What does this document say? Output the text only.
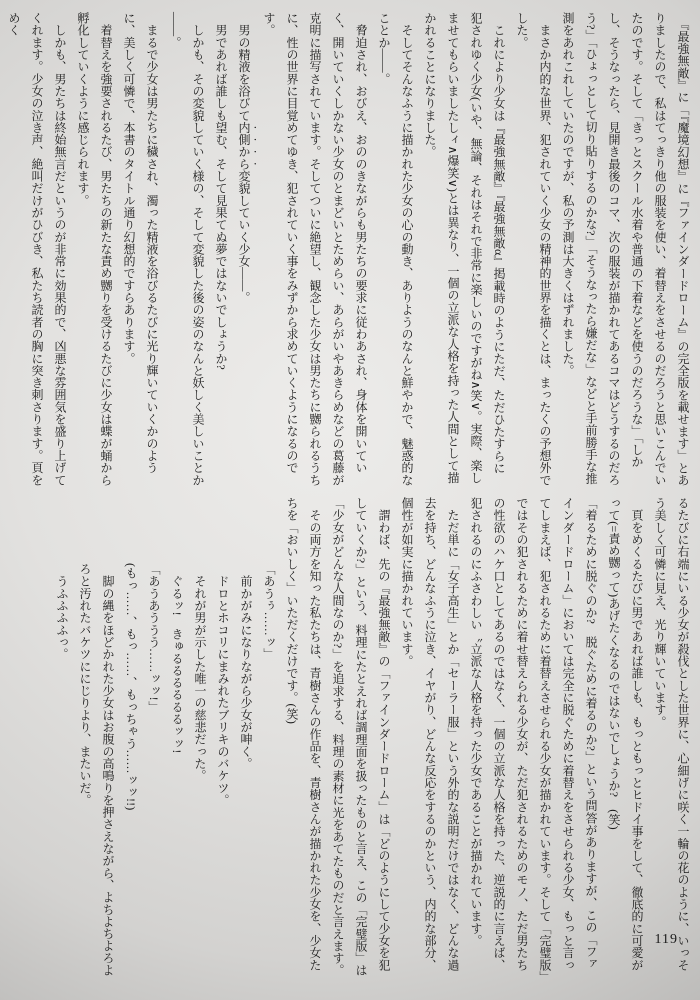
　『最強無敵』に「『魔境幻想』に『ファインダードローム』の完全版を載せます」とありましたので、私はてっきり他の服装を使い、着替えをさせるのだろうと思いこんでいたのです。そして「きっとスクール水着や普通の下着などを使うのだろうな」「しかし、そうなったら、見開き最後のコマ、次の服装が描かれてあるコマはどうするのだろう?」「ひょっとして切り貼りするのかな?」「そうなったら嫌だな」などと手前勝手な推測をあれこれしていたのですが、私の予測は大きくはずれました。

　まさか内的な世界、犯されていく少女の精神的世界を描くとは、まったくの予想外でした。

　これにより少女は『最強無敵』『最強無敵α』掲載時のようにただ、ただひたすらに犯されゆく少女(いや、無論、それはそれで非常に楽しいのですがね∧笑∨。実際、楽しませてもらいましたしィ∧爆笑∨)とは異なり、一個の立派な人格を持った人間として描かれることになりました。

　そしてそんなふうに描かれた少女の心の動き、ありようのなんと鮮やかで、魅惑的なことか——。

　脅迫され、おびえ、おののきながらも男たちの要求に従わあされ、身体を開いていく、開いていくしかない少女のとまどいとためらい、あらがいやあきらめなどの葛藤が克明に描写されています。そしてついに絶望し、観念した少女は男たちに嬲られるうちに、性の世界に目覚めてゆき、犯されていく事をみずから求めていくようになるのです。

　男の精液を浴びて内側から変貌していく少女——。

　男であれば誰しも望む、そして見果てぬ夢ではないでしょうか?

　しかも、その変貌していく様の、そして変貌した後の姿のなんと妖しく美しいことか——。

　まるで少女は男たちに穢され、濁った精液を浴びるたびに光り輝いていくかのように、美しく可憐で、本書のタイトル通り幻想的ですらあります。

　着替えを強要されるたび、男たちの新たな責め嬲りを受けるたびに少女は蝶が蛹から孵化していくように感じられます。

　しかも、男たちは終始無言だというのが非常に効果的で、凶悪な雰囲気を盛り上げてくれます。少女の泣き声、絶叫だけがひびき、私たち読者の胸に突き刺さります。頁をめく

るたびに右端にいる少女が殺伐とした世界に、心細げに咲く一輪の花のように、いっそう美しく可憐に見え、光り輝いています。

　頁をめくるたびに男であれば誰しも、もっともっとヒドイ事をして、徹底的に可愛がって(=責め嬲って)あげたくなるのではないでしょうか?　(笑)

「着るために脱ぐのか?　脱ぐために着るのか?」という問答がありますが、この「ファインダードローム」においては完全に脱ぐために着替えをさせられる少女、もっと言ってしまえば、犯されるために着替えさせられる少女が描かれています。そして「完璧版」ではその犯されるために着せ替えられる少女が、ただ犯されるためのモノ、ただ男たちの性欲のハケ口としてあるのではなく、一個の立派な人格を持った、逆説的に言えば、犯されるのにふさわしい〝立派な人格を持った少女であることが描かれています。

　ただ単に「女子高生」とか「セーラー服」という外的な説明だけではなく、どんな過去を持ち、どんなふうに泣き、イヤがり、どんな反応をするのかという、内的な部分、個性が如実に描かれています。

　謂わば、先の『最強無敵』の「ファインダードローム」は「どのようにして少女を犯していくか?」という、料理にたとえれば調理面を扱ったものと言え、この「完璧版」は「少女がどんな人間なのか?」を追求する、料理の素材に光をあてたものだと言えます。

　その両方を知った私たちは、青樹さんの作品を、青樹さんが描かれた少女を、少女たちを「おいしく」いただくだけです。(笑)

「あうぅ……ッ」

　前かがみになりながら少女が呻く。

　ドロとホコリにまみれたブリキのバケツ。

　それが男が示した唯一の慈悲だった。

　ぐるッ!　きゅるるるるるるッッ!

「あうあううう……ッッ!」

(もっ……、もっ……、もっちゃう……ッッ!!)

　脚の縄をほどかれた少女はお腹の高鳴りを押さえながら、よちよちよろよろと汚れたバケツににじりより、またいだ。

　うふふふふっ。

119
